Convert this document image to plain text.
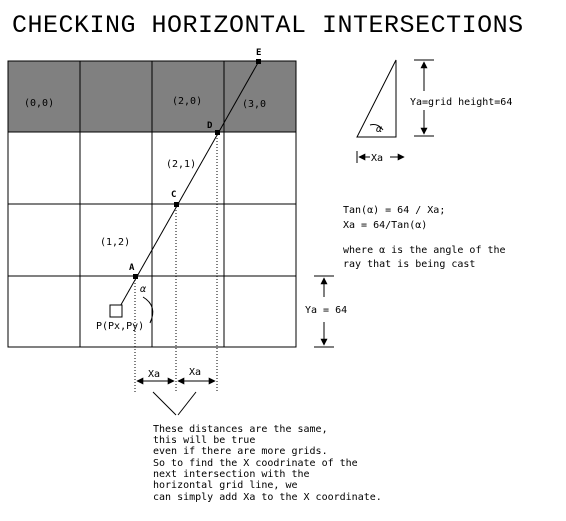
CHECKING HORIZONTAL INTERSECTIONS
(0,0)	(2,0)	(3,0
(2,1)
(1,2)
A
C
D
E
P(Px,Py)
α
α
Ya=grid height=64
Xa
Tan(α) = 64 / Xa;
Xa = 64/Tan(α)
where α is the angle of the
ray that is being cast
Ya = 64
Xa	Xa
These distances are the same,
this will be true
even if there are more grids.
So to find the X coodrinate of the
next intersection with the
horizontal grid line, we
can simply add Xa to the X coordinate.
